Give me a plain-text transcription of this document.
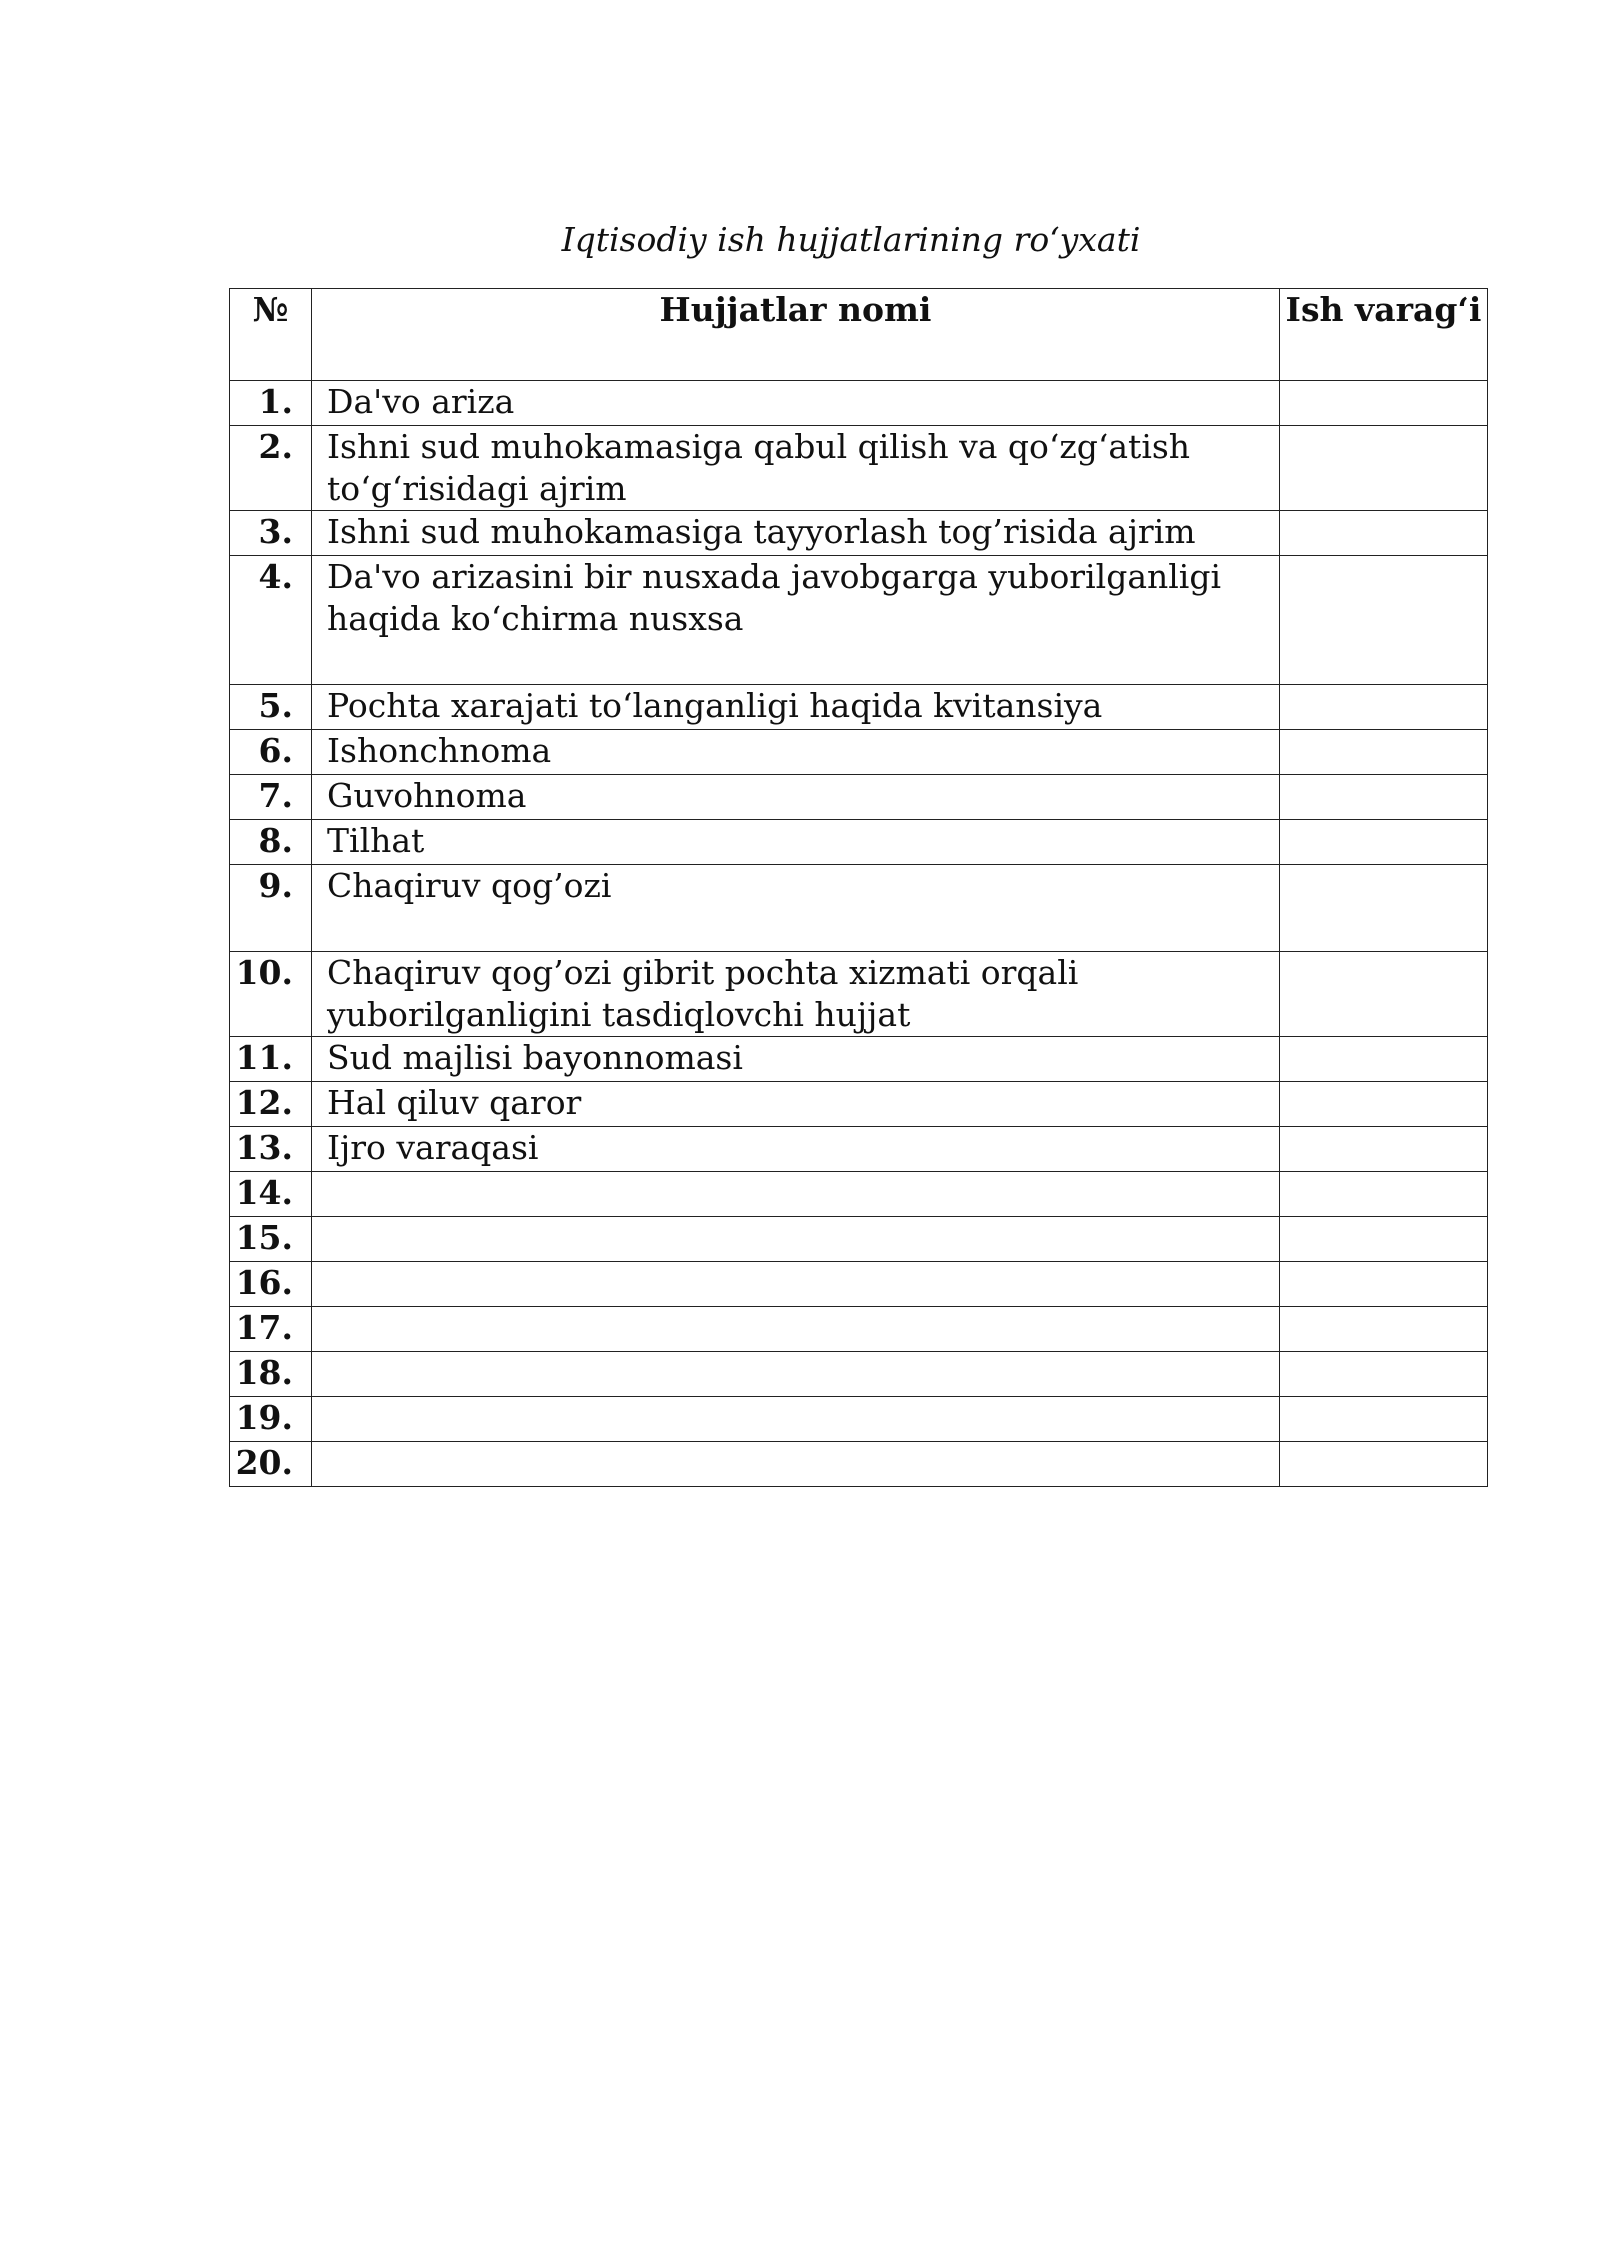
Iqtisodiy ish hujjatlarining ro‘yxati
№	Hujjatlar nomi	Ish varag‘i
1.	Da'vo ariza	
2.	Ishni sud muhokamasiga qabul qilish va qo‘zg‘atish to‘g‘risidagi ajrim	
3.	Ishni sud muhokamasiga tayyorlash tog’risida ajrim	
4.	Da'vo arizasini bir nusxada javobgarga yuborilganligi haqida ko‘chirma nusxsa	
5.	Pochta xarajati to‘langanligi haqida kvitansiya	
6.	Ishonchnoma	
7.	Guvohnoma	
8.	Tilhat	
9.	Chaqiruv qog’ozi	
10.	Chaqiruv qog’ozi gibrit pochta xizmati orqali yuborilganligini tasdiqlovchi hujjat	
11.	Sud majlisi bayonnomasi	
12.	Hal qiluv qaror	
13.	Ijro varaqasi	
14.		
15.		
16.		
17.		
18.		
19.		
20.		
